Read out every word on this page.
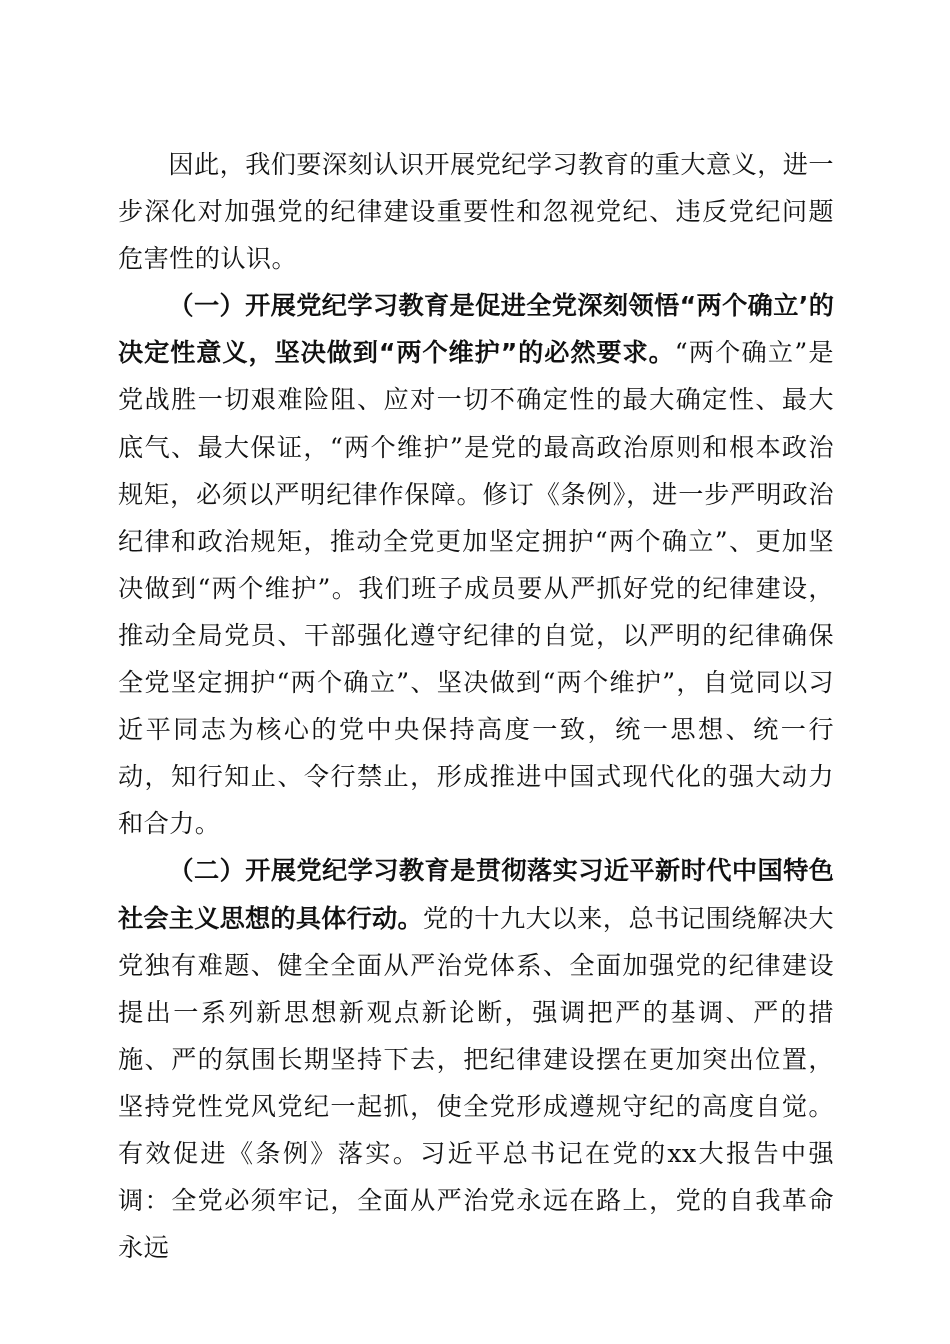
因此，我们要深刻认识开展党纪学习教育的重大意义，进一步深化对加强党的纪律建设重要性和忽视党纪、违反党纪问题危害性的认识。

（一）开展党纪学习教育是促进全党深刻领悟“两个确立’的决定性意义，坚决做到“两个维护”的必然要求。“两个确立”是党战胜一切艰难险阻、应对一切不确定性的最大确定性、最大底气、最大保证，“两个维护”是党的最高政治原则和根本政治规矩，必须以严明纪律作保障。修订《条例》，进一步严明政治纪律和政治规矩，推动全党更加坚定拥护“两个确立”、更加坚决做到“两个维护”。我们班子成员要从严抓好党的纪律建设，推动全局党员、干部强化遵守纪律的自觉，以严明的纪律确保全党坚定拥护“两个确立”、坚决做到“两个维护”，自觉同以习近平同志为核心的党中央保持高度一致，统一思想、统一行动，知行知止、令行禁止，形成推进中国式现代化的强大动力和合力。

（二）开展党纪学习教育是贯彻落实习近平新时代中国特色社会主义思想的具体行动。党的十九大以来，总书记围绕解决大党独有难题、健全全面从严治党体系、全面加强党的纪律建设提出一系列新思想新观点新论断，强调把严的基调、严的措施、严的氛围长期坚持下去，把纪律建设摆在更加突出位置，坚持党性党风党纪一起抓，使全党形成遵规守纪的高度自觉。有效促进《条例》落实。习近平总书记在党的xx大报告中强调：全党必须牢记，全面从严治党永远在路上，党的自我革命永远
